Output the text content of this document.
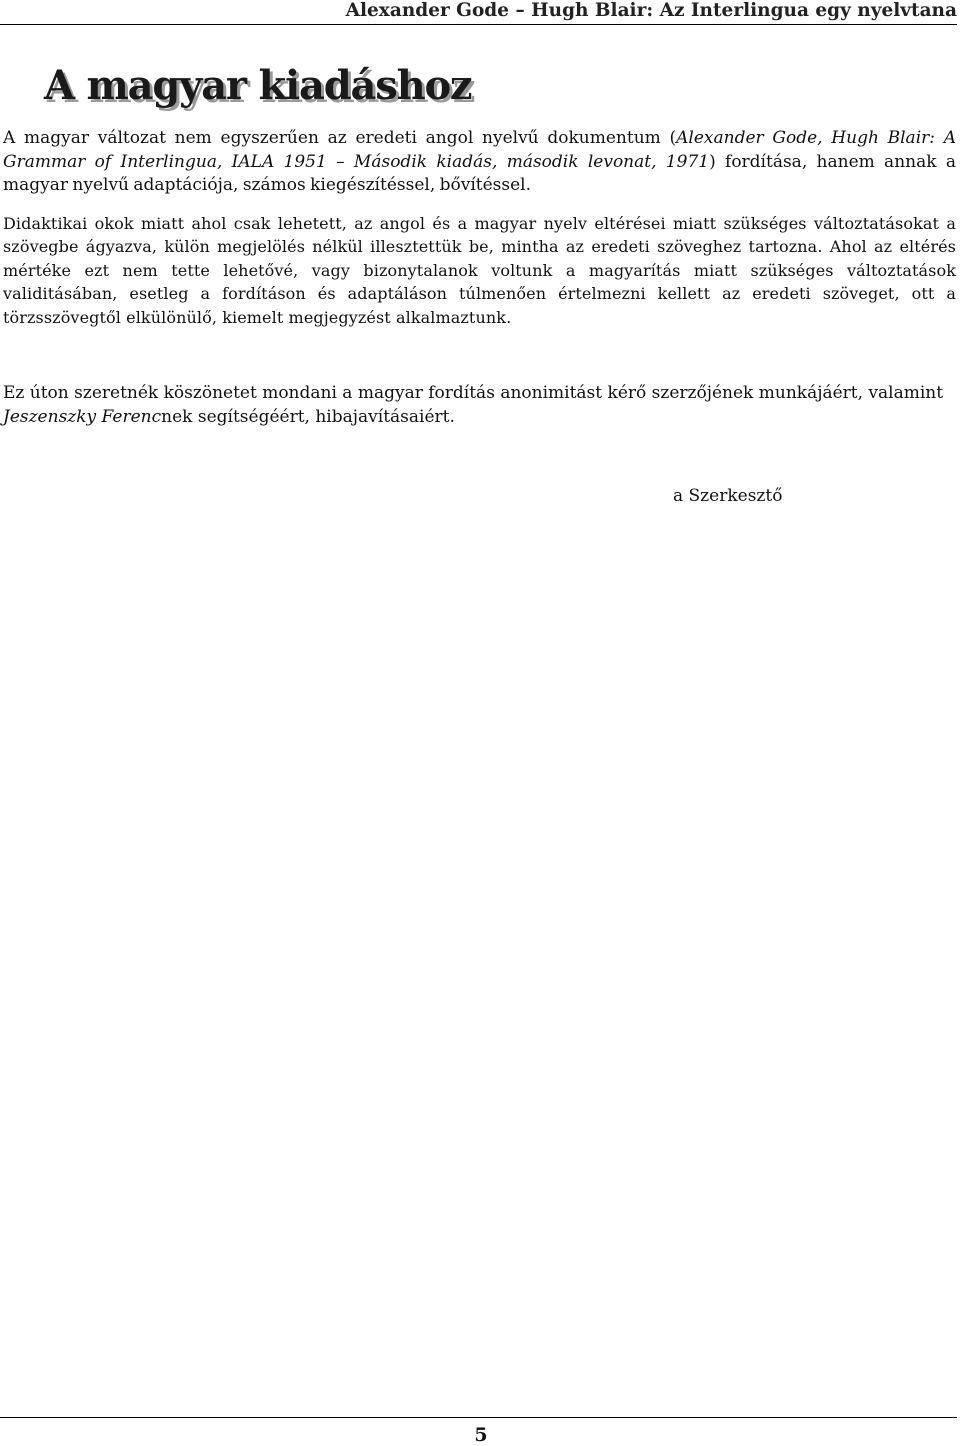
Alexander Gode – Hugh Blair: Az Interlingua egy nyelvtana
A magyar kiadáshoz

A magyar változat nem egyszerűen az eredeti angol nyelvű dokumentum (Alexander Gode, Hugh Blair: A Grammar of Interlingua, IALA 1951 – Második kiadás, második levonat, 1971) fordítása, hanem annak a magyar nyelvű adaptációja, számos kiegészítéssel, bővítéssel.

Didaktikai okok miatt ahol csak lehetett, az angol és a magyar nyelv eltérései miatt szükséges változtatásokat a szövegbe ágyazva, külön megjelölés nélkül illesztettük be, mintha az eredeti szöveghez tartozna. Ahol az eltérés mértéke ezt nem tette lehetővé, vagy bizonytalanok voltunk a magyarítás miatt szükséges változtatások validitásában, esetleg a fordításon és adaptáláson túlmenően értelmezni kellett az eredeti szöveget, ott a törzsszövegtől elkülönülő, kiemelt megjegyzést alkalmaztunk.

Ez úton szeretnék köszönetet mondani a magyar fordítás anonimitást kérő szerzőjének munkájáért, valamint Jeszenszky Ferencnek segítségéért, hibajavításaiért.

a Szerkesztő

5
